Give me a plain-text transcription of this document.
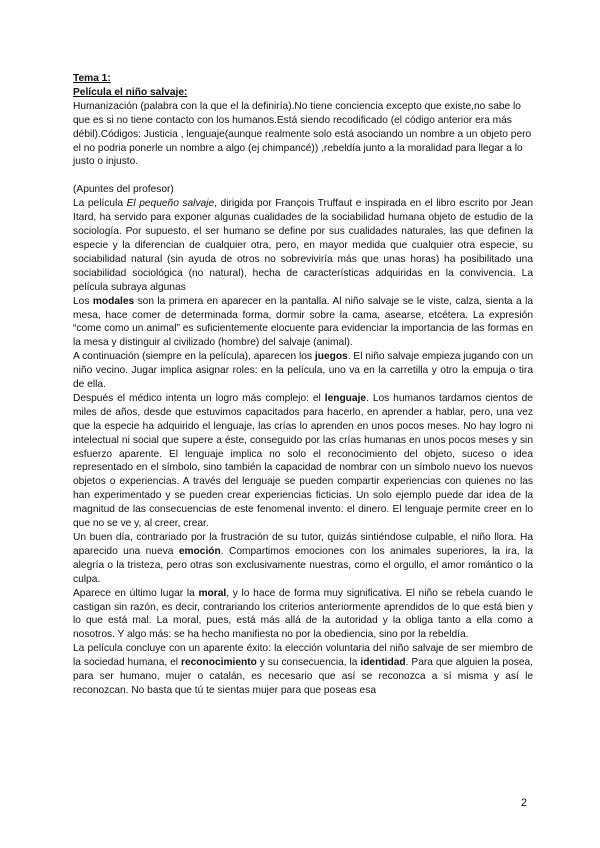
Tema 1:

Película el niño salvaje:

Humanización (palabra con la que el la definiría).No tiene conciencia excepto que existe,no sabe lo que es si no tiene contacto con los humanos.Está siendo recodificado (el código anterior era más débil).Códigos: Justicia , lenguaje(aunque realmente solo está asociando un nombre a un objeto pero el no podria ponerle un nombre a algo (ej chimpancé)) ,rebeldía junto a la moralidad para llegar a lo justo o injusto.

(Apuntes del profesor)

La película El pequeño salvaje, dirigida por François Truffaut e inspirada en el libro escrito por Jean Itard, ha servido para exponer algunas cualidades de la sociabilidad humana objeto de estudio de la sociología. Por supuesto, el ser humano se define por sus cualidades naturales, las que definen la especie y la diferencian de cualquier otra, pero, en mayor medida que cualquier otra especie, su sociabilidad natural (sin ayuda de otros no sobreviviría más que unas horas) ha posibilitado una sociabilidad sociológica (no natural), hecha de características adquiridas en la convivencia. La película subraya algunas

Los modales son la primera en aparecer en la pantalla. Al niño salvaje se le viste, calza, sienta a la mesa, hace comer de determinada forma, dormir sobre la cama, asearse, etcétera. La expresión “come como un animal” es suficientemente elocuente para evidenciar la importancia de las formas en la mesa y distinguir al civilizado (hombre) del salvaje (animal).

A continuación (siempre en la película), aparecen los juegos. El niño salvaje empieza jugando con un niño vecino. Jugar implica asignar roles: en la película, uno va en la carretilla y otro la empuja o tira de ella.

Después el médico intenta un logro más complejo: el lenguaje. Los humanos tardamos cientos de miles de años, desde que estuvimos capacitados para hacerlo, en aprender a hablar, pero, una vez que la especie ha adquirido el lenguaje, las crías lo aprenden en unos pocos meses. No hay logro ni intelectual ni social que supere a éste, conseguido por las crías humanas en unos pocos meses y sin esfuerzo aparente. El lenguaje implica no solo el reconocimiento del objeto, suceso o idea representado en el símbolo, sino también la capacidad de nombrar con un símbolo nuevo los nuevos objetos o experiencias. A través del lenguaje se pueden compartir experiencias con quienes no las han experimentado y se pueden crear experiencias ficticias. Un solo ejemplo puede dar idea de la magnitud de las consecuencias de este fenomenal invento: el dinero. El lenguaje permite creer en lo que no se ve y, al creer, crear.

Un buen día, contrariado por la frustración de su tutor, quizás sintiéndose culpable, el niño llora. Ha aparecido una nueva emoción. Compartimos emociones con los animales superiores, la ira, la alegría o la tristeza, pero otras son exclusivamente nuestras, como el orgullo, el amor romántico o la culpa.

Aparece en último lugar la moral, y lo hace de forma muy significativa. El niño se rebela cuando le castigan sin razón, es decir, contrariando los criterios anteriormente aprendidos de lo que está bien y lo que está mal. La moral, pues, está más allá de la autoridad y la obliga tanto a ella como a nosotros. Y algo más: se ha hecho manifiesta no por la obediencia, sino por la rebeldía.

La película concluye con un aparente éxito: la elección voluntaria del niño salvaje de ser miembro de la sociedad humana, el reconocimiento y su consecuencia, la identidad. Para que alguien la posea, para ser humano, mujer o catalán, es necesario que así se reconozca a sí misma y así le reconozcan. No basta que tú te sientas mujer para que poseas esa

2
